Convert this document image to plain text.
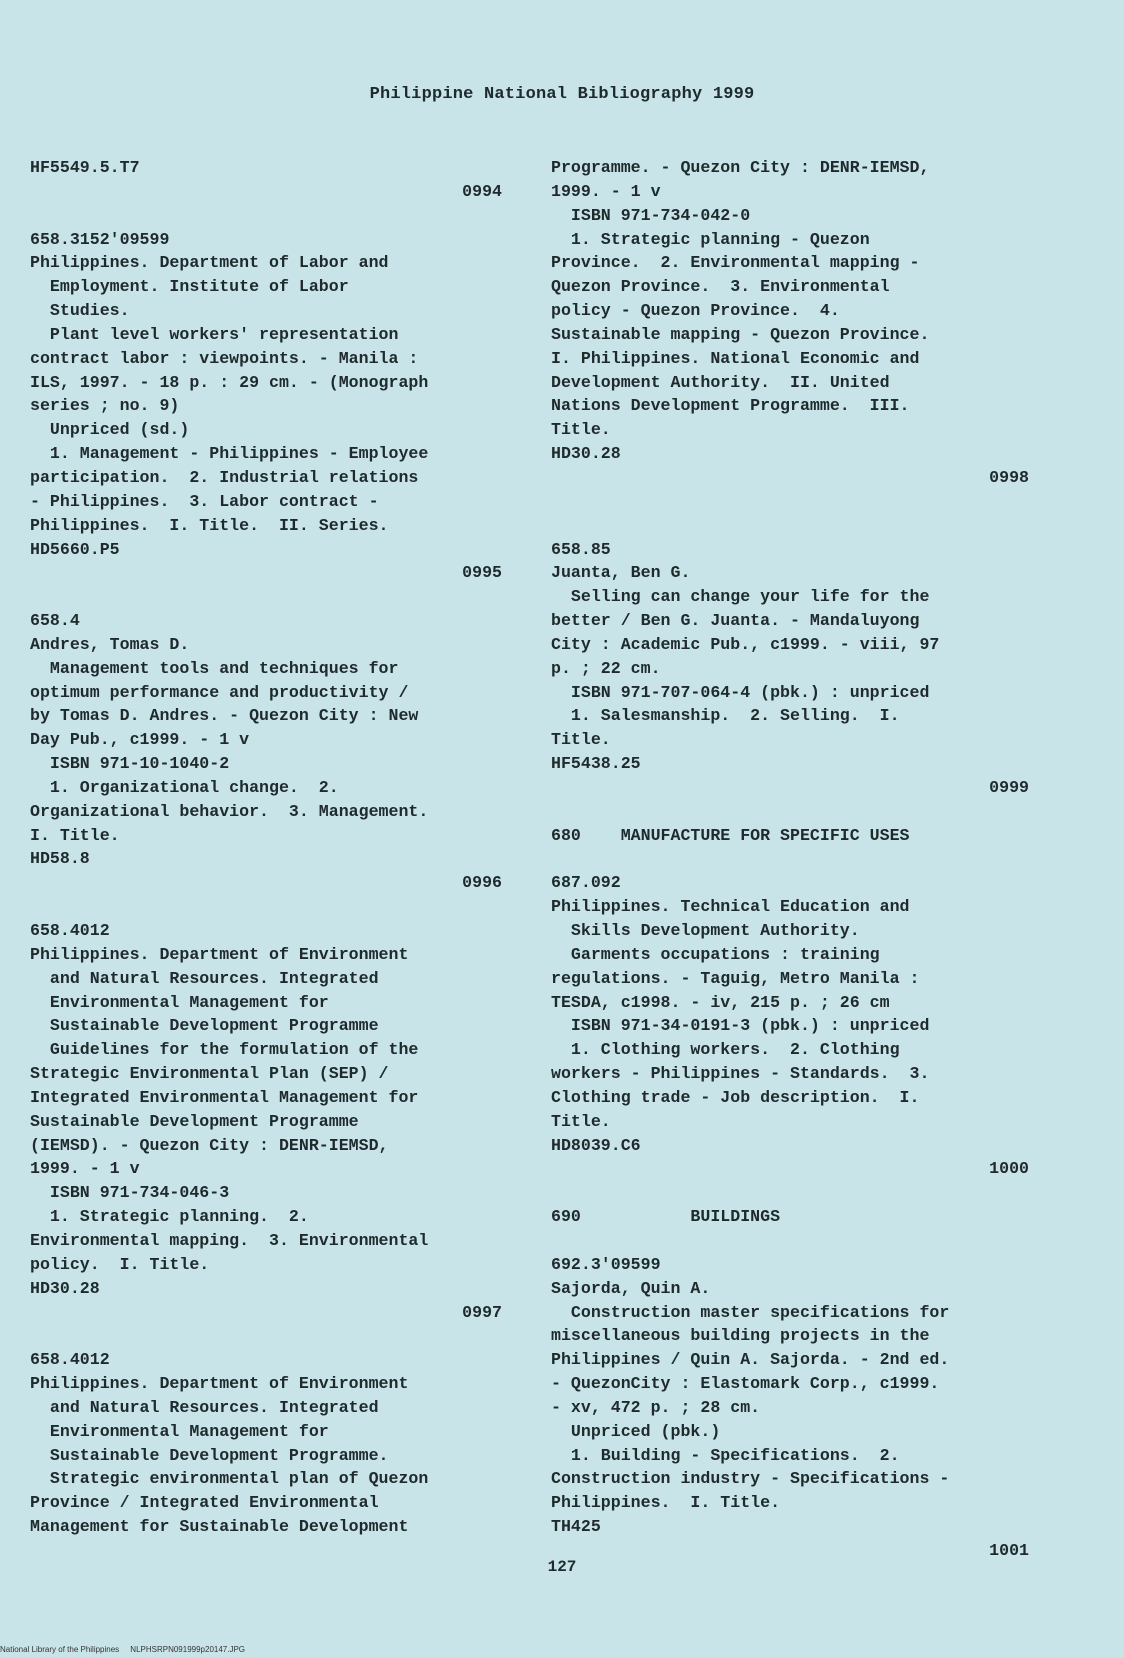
Philippine National Bibliography 1999
HF5549.5.T7
0994
658.3152'09599
Philippines. Department of Labor and
Employment. Institute of Labor
Studies.
Plant level workers' representation
contract labor : viewpoints. - Manila :
ILS, 1997. - 18 p. : 29 cm. - (Monograph
series ; no. 9)
Unpriced (sd.)
1. Management - Philippines - Employee
participation.  2. Industrial relations
- Philippines.  3. Labor contract -
Philippines.  I. Title.  II. Series.
HD5660.P5
0995
658.4
Andres, Tomas D.
Management tools and techniques for
optimum performance and productivity /
by Tomas D. Andres. - Quezon City : New
Day Pub., c1999. - 1 v
ISBN 971-10-1040-2
1. Organizational change.  2.
Organizational behavior.  3. Management.
I. Title.
HD58.8
0996
658.4012
Philippines. Department of Environment
and Natural Resources. Integrated
Environmental Management for
Sustainable Development Programme
Guidelines for the formulation of the
Strategic Environmental Plan (SEP) /
Integrated Environmental Management for
Sustainable Development Programme
(IEMSD). - Quezon City : DENR-IEMSD,
1999. - 1 v
ISBN 971-734-046-3
1. Strategic planning.  2.
Environmental mapping.  3. Environmental
policy.  I. Title.
HD30.28
0997
658.4012
Philippines. Department of Environment
and Natural Resources. Integrated
Environmental Management for
Sustainable Development Programme.
Strategic environmental plan of Quezon
Province / Integrated Environmental
Management for Sustainable Development
Programme. - Quezon City : DENR-IEMSD,
1999. - 1 v
ISBN 971-734-042-0
1. Strategic planning - Quezon
Province.  2. Environmental mapping -
Quezon Province.  3. Environmental
policy - Quezon Province.  4.
Sustainable mapping - Quezon Province.
I. Philippines. National Economic and
Development Authority.  II. United
Nations Development Programme.  III.
Title.
HD30.28
0998
658.85
Juanta, Ben G.
Selling can change your life for the
better / Ben G. Juanta. - Mandaluyong
City : Academic Pub., c1999. - viii, 97
p. ; 22 cm.
ISBN 971-707-064-4 (pbk.) : unpriced
1. Salesmanship.  2. Selling.  I.
Title.
HF5438.25
0999
680    MANUFACTURE FOR SPECIFIC USES
687.092
Philippines. Technical Education and
Skills Development Authority.
Garments occupations : training
regulations. - Taguig, Metro Manila :
TESDA, c1998. - iv, 215 p. ; 26 cm
ISBN 971-34-0191-3 (pbk.) : unpriced
1. Clothing workers.  2. Clothing
workers - Philippines - Standards.  3.
Clothing trade - Job description.  I.
Title.
HD8039.C6
1000
690           BUILDINGS
692.3'09599
Sajorda, Quin A.
Construction master specifications for
miscellaneous building projects in the
Philippines / Quin A. Sajorda. - 2nd ed.
- QuezonCity : Elastomark Corp., c1999.
- xv, 472 p. ; 28 cm.
Unpriced (pbk.)
1. Building - Specifications.  2.
Construction industry - Specifications -
Philippines.  I. Title.
TH425
1001
127
National Library of the Philippines     NLPHSRPN091999p20147.JPG
